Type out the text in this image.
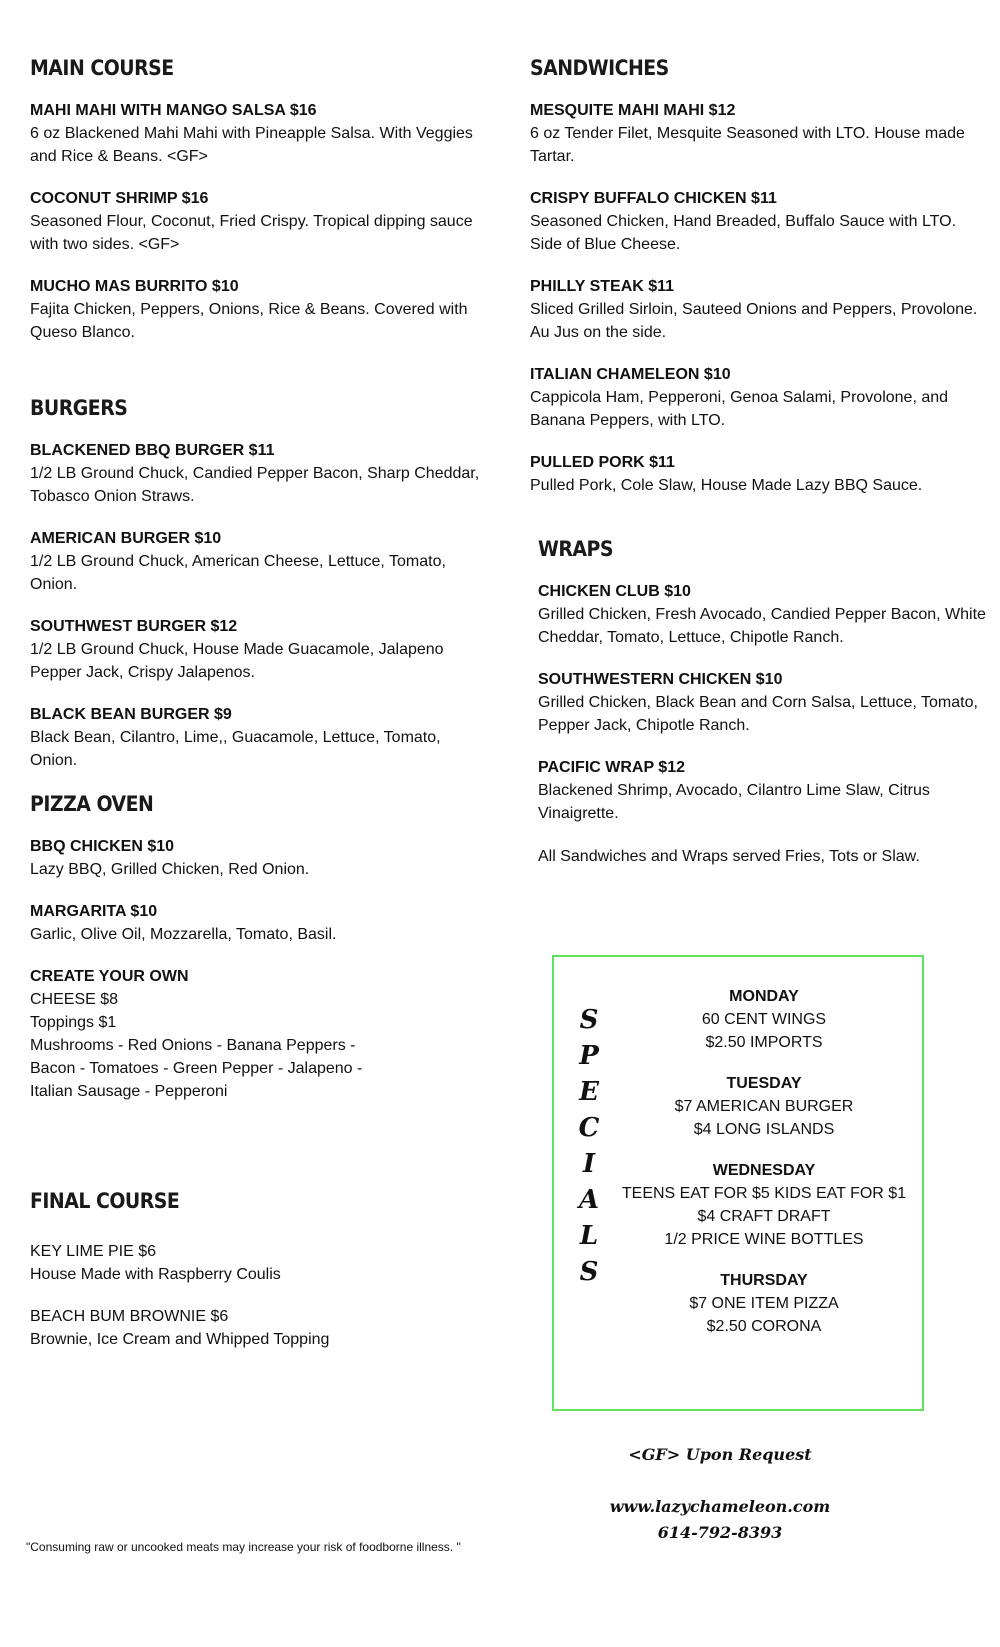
MAIN COURSE
MAHI MAHI WITH MANGO SALSA $16
6 oz Blackened Mahi Mahi with Pineapple Salsa. With Veggies and Rice & Beans. <GF>
COCONUT SHRIMP $16
Seasoned Flour, Coconut, Fried Crispy. Tropical dipping sauce with two sides. <GF>
MUCHO MAS BURRITO $10
Fajita Chicken, Peppers, Onions, Rice & Beans. Covered with Queso Blanco.
BURGERS
BLACKENED BBQ BURGER $11
1/2 LB Ground Chuck, Candied Pepper Bacon, Sharp Cheddar, Tobasco Onion Straws.
AMERICAN BURGER $10
1/2 LB Ground Chuck, American Cheese, Lettuce, Tomato, Onion.
SOUTHWEST BURGER $12
1/2 LB Ground Chuck, House Made Guacamole, Jalapeno Pepper Jack, Crispy Jalapenos.
BLACK BEAN BURGER $9
Black Bean, Cilantro, Lime,, Guacamole, Lettuce, Tomato, Onion.
PIZZA OVEN
BBQ CHICKEN $10
Lazy BBQ, Grilled Chicken, Red Onion.
MARGARITA $10
Garlic, Olive Oil, Mozzarella, Tomato, Basil.
CREATE YOUR OWN
CHEESE $8
Toppings $1
Mushrooms - Red Onions - Banana Peppers -
Bacon - Tomatoes - Green Pepper - Jalapeno -
Italian Sausage - Pepperoni
FINAL COURSE
KEY LIME PIE $6
House Made with Raspberry Coulis
BEACH BUM BROWNIE $6
Brownie, Ice Cream and Whipped Topping
SANDWICHES
MESQUITE MAHI MAHI $12
6 oz Tender Filet, Mesquite Seasoned with LTO. House made Tartar.
CRISPY BUFFALO CHICKEN $11
Seasoned Chicken, Hand Breaded, Buffalo Sauce with LTO. Side of Blue Cheese.
PHILLY STEAK $11
Sliced Grilled Sirloin, Sauteed Onions and Peppers, Provolone. Au Jus on the side.
ITALIAN CHAMELEON $10
Cappicola Ham, Pepperoni, Genoa Salami, Provolone, and Banana Peppers, with LTO.
PULLED PORK $11
Pulled Pork, Cole Slaw, House Made Lazy BBQ Sauce.
WRAPS
CHICKEN CLUB $10
Grilled Chicken, Fresh Avocado, Candied Pepper Bacon, White Cheddar, Tomato, Lettuce, Chipotle Ranch.
SOUTHWESTERN CHICKEN $10
Grilled Chicken, Black Bean and Corn Salsa, Lettuce, Tomato, Pepper Jack, Chipotle Ranch.
PACIFIC WRAP $12
Blackened Shrimp, Avocado, Cilantro Lime Slaw, Citrus Vinaigrette.
All Sandwiches and Wraps served Fries, Tots or Slaw.
S
P
E
C
I
A
L
S
MONDAY
60 CENT WINGS
$2.50 IMPORTS
TUESDAY
$7 AMERICAN BURGER
$4 LONG ISLANDS
WEDNESDAY
TEENS EAT FOR $5 KIDS EAT FOR $1
$4 CRAFT DRAFT
1/2 PRICE WINE BOTTLES
THURSDAY
$7 ONE ITEM PIZZA
$2.50 CORONA
<GF> Upon Request
www.lazychameleon.com
614-792-8393
"Consuming raw or uncooked meats may increase your risk of foodborne illness. "
